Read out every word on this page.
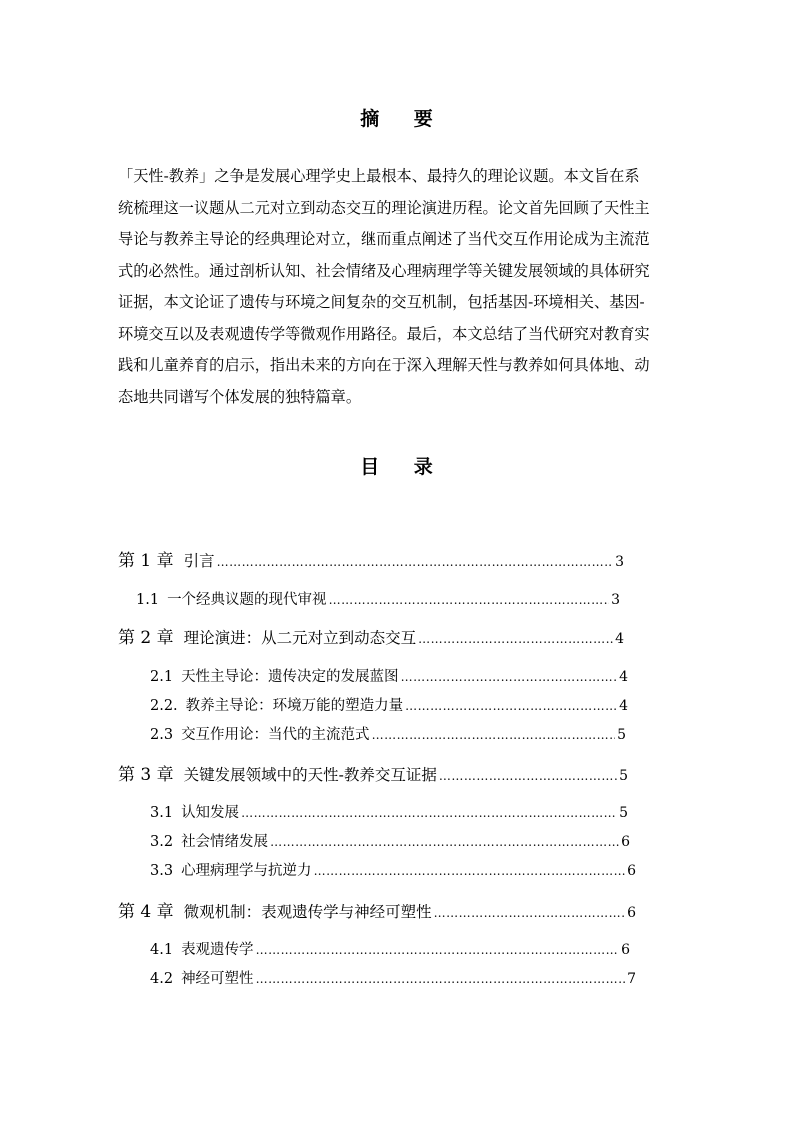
摘 要
「天性-教养」之争是发展心理学史上最根本、最持久的理论议题。本文旨在系
统梳理这一议题从二元对立到动态交互的理论演进历程。论文首先回顾了天性主
导论与教养主导论的经典理论对立，继而重点阐述了当代交互作用论成为主流范
式的必然性。通过剖析认知、社会情绪及心理病理学等关键发展领域的具体研究
证据，本文论证了遗传与环境之间复杂的交互机制，包括基因-环境相关、基因-
环境交互以及表观遗传学等微观作用路径。最后，本文总结了当代研究对教育实
践和儿童养育的启示，指出未来的方向在于深入理解天性与教养如何具体地、动
态地共同谱写个体发展的独特篇章。
目 录
第 1 章 引言 …………………………………………………………………………………………………………	3
1.1 一个经典议题的现代审视 …………………………………………………………………………………………………………	3
第 2 章 理论演进：从二元对立到动态交互 …………………………………………………………………………………………………………	4
2.1 天性主导论：遗传决定的发展蓝图 …………………………………………………………………………………………………………	4
2.2. 教养主导论：环境万能的塑造力量 …………………………………………………………………………………………………………	4
2.3 交互作用论：当代的主流范式 …………………………………………………………………………………………………………	5
第 3 章 关键发展领域中的天性-教养交互证据 …………………………………………………………………………………………………………	5
3.1 认知发展 …………………………………………………………………………………………………………	5
3.2 社会情绪发展 …………………………………………………………………………………………………………	6
3.3 心理病理学与抗逆力 …………………………………………………………………………………………………………	6
第 4 章 微观机制：表观遗传学与神经可塑性 …………………………………………………………………………………………………………	6
4.1 表观遗传学 …………………………………………………………………………………………………………	6
4.2 神经可塑性 …………………………………………………………………………………………………………	7
